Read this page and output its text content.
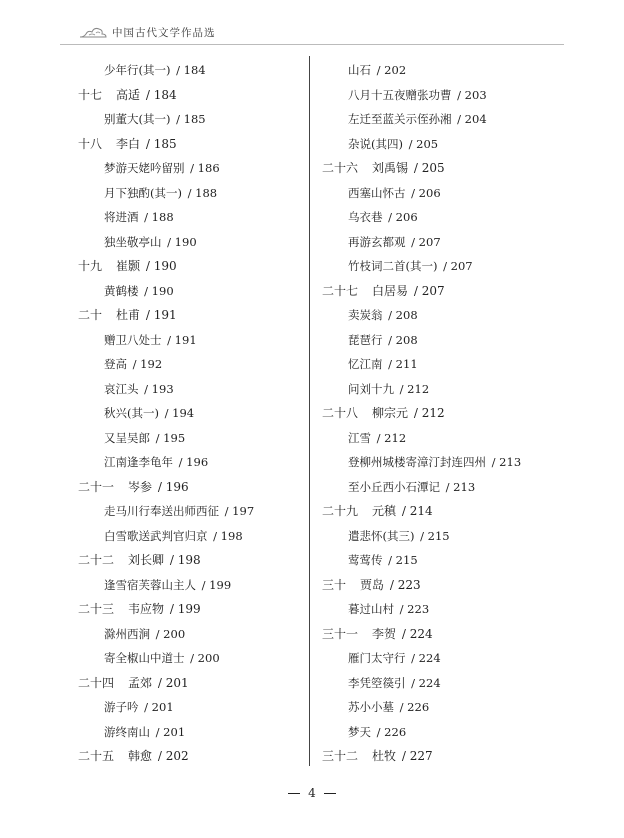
中国古代文学作品选
少年行(其一) / 184
十七 高适 / 184
别董大(其一) / 185
十八 李白 / 185
梦游天姥吟留别 / 186
月下独酌(其一) / 188
将进酒 / 188
独坐敬亭山 / 190
十九 崔颢 / 190
黄鹤楼 / 190
二十 杜甫 / 191
赠卫八处士 / 191
登高 / 192
哀江头 / 193
秋兴(其一) / 194
又呈吴郎 / 195
江南逢李龟年 / 196
二十一 岑参 / 196
走马川行奉送出师西征 / 197
白雪歌送武判官归京 / 198
二十二 刘长卿 / 198
逢雪宿芙蓉山主人 / 199
二十三 韦应物 / 199
滁州西涧 / 200
寄全椒山中道士 / 200
二十四 孟郊 / 201
游子吟 / 201
游终南山 / 201
二十五 韩愈 / 202
山石 / 202
八月十五夜赠张功曹 / 203
左迁至蓝关示侄孙湘 / 204
杂说(其四) / 205
二十六 刘禹锡 / 205
西塞山怀古 / 206
乌衣巷 / 206
再游玄都观 / 207
竹枝词二首(其一) / 207
二十七 白居易 / 207
卖炭翁 / 208
琵琶行 / 208
忆江南 / 211
问刘十九 / 212
二十八 柳宗元 / 212
江雪 / 212
登柳州城楼寄漳汀封连四州 / 213
至小丘西小石潭记 / 213
二十九 元稹 / 214
遣悲怀(其三) / 215
莺莺传 / 215
三十 贾岛 / 223
暮过山村 / 223
三十一 李贺 / 224
雁门太守行 / 224
李凭箜篌引 / 224
苏小小墓 / 226
梦天 / 226
三十二 杜牧 / 227
4
